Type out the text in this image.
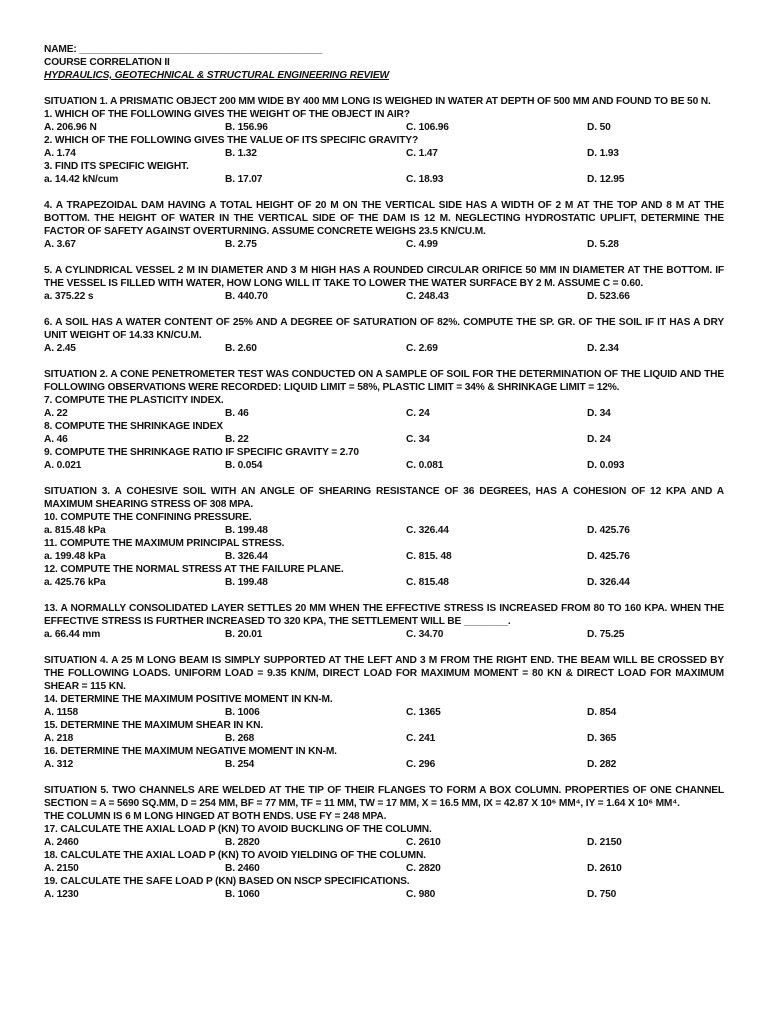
NAME: ____________________________________________
COURSE CORRELATION II
HYDRAULICS, GEOTECHNICAL & STRUCTURAL ENGINEERING REVIEW
SITUATION 1. A PRISMATIC OBJECT 200 MM WIDE BY 400 MM LONG IS WEIGHED IN WATER AT DEPTH OF 500 MM AND FOUND TO BE 50 N.
1. WHICH OF THE FOLLOWING GIVES THE WEIGHT OF THE OBJECT IN AIR?
A. 206.96 N	B. 156.96	C. 106.96	D. 50
2. WHICH OF THE FOLLOWING GIVES THE VALUE OF ITS SPECIFIC GRAVITY?
A. 1.74	B. 1.32	C. 1.47	D. 1.93
3. FIND ITS SPECIFIC WEIGHT.
a. 14.42 kN/cum	B. 17.07	C. 18.93	D. 12.95
4. A TRAPEZOIDAL DAM HAVING A TOTAL HEIGHT OF 20 M ON THE VERTICAL SIDE HAS A WIDTH OF 2 M AT THE TOP AND 8 M AT THE BOTTOM. THE HEIGHT OF WATER IN THE VERTICAL SIDE OF THE DAM IS 12 M. NEGLECTING HYDROSTATIC UPLIFT, DETERMINE THE FACTOR OF SAFETY AGAINST OVERTURNING. ASSUME CONCRETE WEIGHS 23.5 KN/CU.M.
A. 3.67	B. 2.75	C. 4.99	D. 5.28
5. A CYLINDRICAL VESSEL 2 M IN DIAMETER AND 3 M HIGH HAS A ROUNDED CIRCULAR ORIFICE 50 MM IN DIAMETER AT THE BOTTOM. IF THE VESSEL IS FILLED WITH WATER, HOW LONG WILL IT TAKE TO LOWER THE WATER SURFACE BY 2 M. ASSUME C = 0.60.
a. 375.22 s	B. 440.70	C. 248.43	D. 523.66
6. A SOIL HAS A WATER CONTENT OF 25% AND A DEGREE OF SATURATION OF 82%. COMPUTE THE SP. GR. OF THE SOIL IF IT HAS A DRY UNIT WEIGHT OF 14.33 KN/CU.M.
A. 2.45	B. 2.60	C. 2.69	D. 2.34
SITUATION 2. A CONE PENETROMETER TEST WAS CONDUCTED ON A SAMPLE OF SOIL FOR THE DETERMINATION OF THE LIQUID AND THE FOLLOWING OBSERVATIONS WERE RECORDED: LIQUID LIMIT = 58%, PLASTIC LIMIT = 34% & SHRINKAGE LIMIT = 12%.
7. COMPUTE THE PLASTICITY INDEX.
A. 22	B. 46	C. 24	D. 34
8. COMPUTE THE SHRINKAGE INDEX
A. 46	B. 22	C. 34	D. 24
9. COMPUTE THE SHRINKAGE RATIO IF SPECIFIC GRAVITY = 2.70
A. 0.021	B. 0.054	C. 0.081	D. 0.093
SITUATION 3. A COHESIVE SOIL WITH AN ANGLE OF SHEARING RESISTANCE OF 36 DEGREES, HAS A COHESION OF 12 KPA AND A MAXIMUM SHEARING STRESS OF 308 MPA.
10. COMPUTE THE CONFINING PRESSURE.
a. 815.48 kPa	B. 199.48	C. 326.44	D. 425.76
11. COMPUTE THE MAXIMUM PRINCIPAL STRESS.
a. 199.48 kPa	B. 326.44	C. 815. 48	D. 425.76
12. COMPUTE THE NORMAL STRESS AT THE FAILURE PLANE.
a. 425.76 kPa	B. 199.48	C. 815.48	D. 326.44
13. A NORMALLY CONSOLIDATED LAYER SETTLES 20 MM WHEN THE EFFECTIVE STRESS IS INCREASED FROM 80 TO 160 KPA. WHEN THE EFFECTIVE STRESS IS FURTHER INCREASED TO 320 KPA, THE SETTLEMENT WILL BE ________.
a. 66.44 mm	B. 20.01	C. 34.70	D. 75.25
SITUATION 4. A 25 M LONG BEAM IS SIMPLY SUPPORTED AT THE LEFT AND 3 M FROM THE RIGHT END. THE BEAM WILL BE CROSSED BY THE FOLLOWING LOADS. UNIFORM LOAD = 9.35 KN/M, DIRECT LOAD FOR MAXIMUM MOMENT = 80 KN & DIRECT LOAD FOR MAXIMUM SHEAR = 115 KN.
14. DETERMINE THE MAXIMUM POSITIVE MOMENT IN KN-M.
A. 1158	B. 1006	C. 1365	D. 854
15. DETERMINE THE MAXIMUM SHEAR IN KN.
A. 218	B. 268	C. 241	D. 365
16. DETERMINE THE MAXIMUM NEGATIVE MOMENT IN KN-M.
A. 312	B. 254	C. 296	D. 282
SITUATION 5. TWO CHANNELS ARE WELDED AT THE TIP OF THEIR FLANGES TO FORM A BOX COLUMN. PROPERTIES OF ONE CHANNEL SECTION = A = 5690 SQ.MM, D = 254 MM, BF = 77 MM, TF = 11 MM, TW = 17 MM, X = 16.5 MM, IX = 42.87 X 10⁶ MM⁴, IY = 1.64 X 10⁶ MM⁴.
THE COLUMN IS 6 M LONG HINGED AT BOTH ENDS. USE FY = 248 MPA.
17. CALCULATE THE AXIAL LOAD P (KN) TO AVOID BUCKLING OF THE COLUMN.
A. 2460	B. 2820	C. 2610	D. 2150
18. CALCULATE THE AXIAL LOAD P (KN) TO AVOID YIELDING OF THE COLUMN.
A. 2150	B. 2460	C. 2820	D. 2610
19. CALCULATE THE SAFE LOAD P (KN) BASED ON NSCP SPECIFICATIONS.
A. 1230	B. 1060	C. 980	D. 750
